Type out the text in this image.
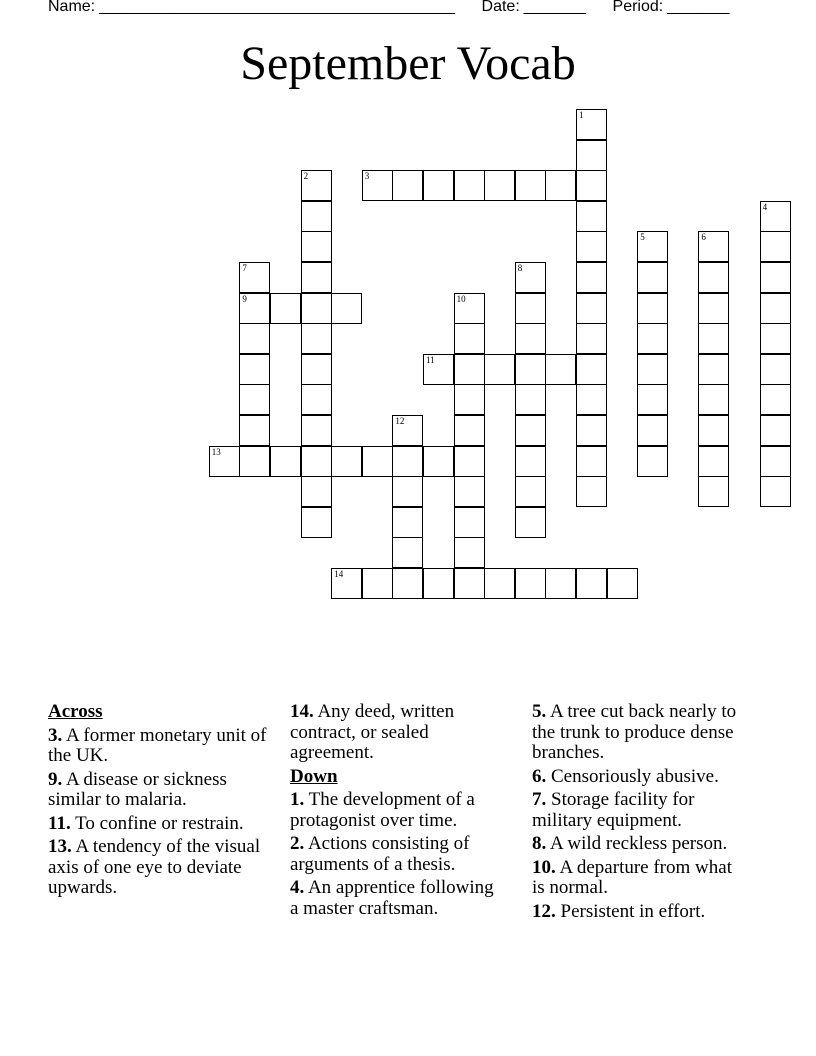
Name: ________________________________________ Date: _______ Period: _______
September Vocab
3
9
11
13
14
1
2
4
5	6
7	8
10
12
Across
3. A former monetary unit of the UK.
9. A disease or sickness similar to malaria.
11. To confine or restrain.
13. A tendency of the visual axis of one eye to deviate upwards.
14. Any deed, written contract, or sealed agreement.
Down
1. The development of a protagonist over time.
2. Actions consisting of arguments of a thesis.
4. An apprentice following a master craftsman.
5. A tree cut back nearly to the trunk to produce dense branches.
6. Censoriously abusive.
7. Storage facility for military equipment.
8. A wild reckless person.
10. A departure from what is normal.
12. Persistent in effort.
